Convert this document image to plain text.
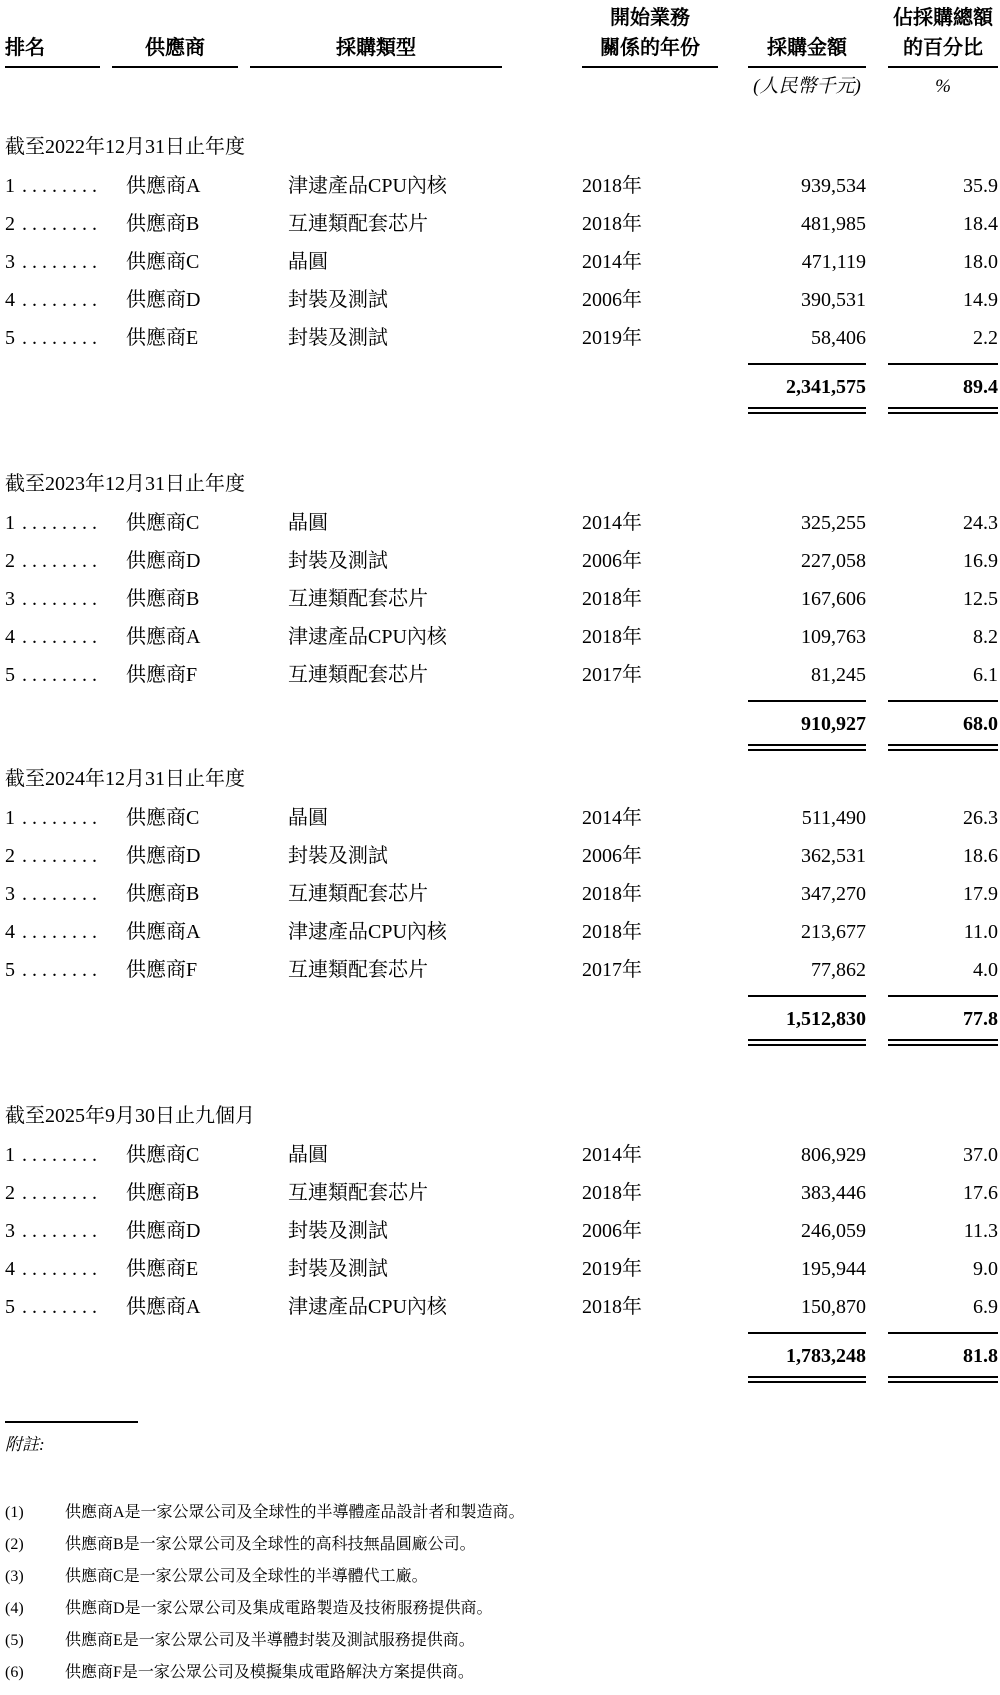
開始業務	佔採購總額
排名	供應商	採購類型	關係的年份	採購金額	的百分比
(人民幣千元)	%
截至2022年12月31日止年度
1 ........	供應商A	津逮產品CPU內核	2018年	939,534	35.9
2 ........	供應商B	互連類配套芯片	2018年	481,985	18.4
3 ........	供應商C	晶圓	2014年	471,119	18.0
4 ........	供應商D	封裝及測試	2006年	390,531	14.9
5 ........	供應商E	封裝及測試	2019年	58,406	2.2
2,341,575	89.4
截至2023年12月31日止年度
1 ........	供應商C	晶圓	2014年	325,255	24.3
2 ........	供應商D	封裝及測試	2006年	227,058	16.9
3 ........	供應商B	互連類配套芯片	2018年	167,606	12.5
4 ........	供應商A	津逮產品CPU內核	2018年	109,763	8.2
5 ........	供應商F	互連類配套芯片	2017年	81,245	6.1
910,927	68.0
截至2024年12月31日止年度
1 ........	供應商C	晶圓	2014年	511,490	26.3
2 ........	供應商D	封裝及測試	2006年	362,531	18.6
3 ........	供應商B	互連類配套芯片	2018年	347,270	17.9
4 ........	供應商A	津逮產品CPU內核	2018年	213,677	11.0
5 ........	供應商F	互連類配套芯片	2017年	77,862	4.0
1,512,830	77.8
截至2025年9月30日止九個月
1 ........	供應商C	晶圓	2014年	806,929	37.0
2 ........	供應商B	互連類配套芯片	2018年	383,446	17.6
3 ........	供應商D	封裝及測試	2006年	246,059	11.3
4 ........	供應商E	封裝及測試	2019年	195,944	9.0
5 ........	供應商A	津逮產品CPU內核	2018年	150,870	6.9
1,783,248	81.8
附註:
(1)	供應商A是一家公眾公司及全球性的半導體產品設計者和製造商。
(2)	供應商B是一家公眾公司及全球性的高科技無晶圓廠公司。
(3)	供應商C是一家公眾公司及全球性的半導體代工廠。
(4)	供應商D是一家公眾公司及集成電路製造及技術服務提供商。
(5)	供應商E是一家公眾公司及半導體封裝及測試服務提供商。
(6)	供應商F是一家公眾公司及模擬集成電路解決方案提供商。
